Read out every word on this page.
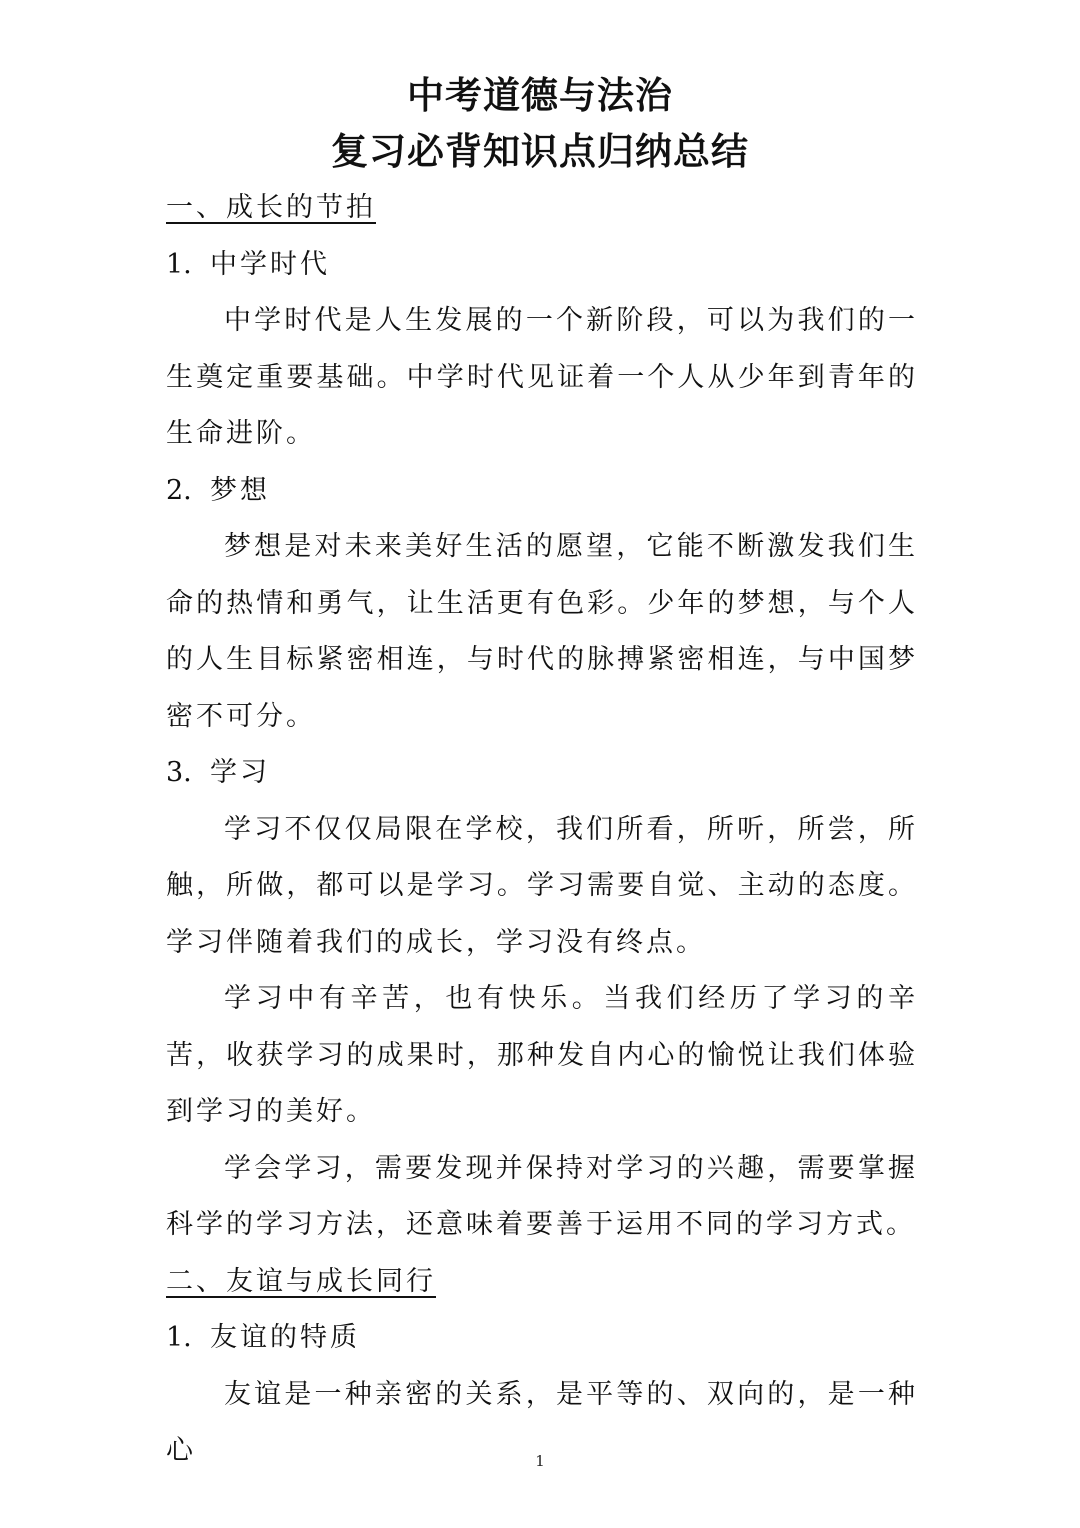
中考道德与法治
复习必背知识点归纳总结
一、成长的节拍
1. 中学时代

中学时代是人生发展的一个新阶段，可以为我们的一生奠定重要基础。中学时代见证着一个人从少年到青年的生命进阶。

2. 梦想

梦想是对未来美好生活的愿望，它能不断激发我们生命的热情和勇气，让生活更有色彩。少年的梦想，与个人的人生目标紧密相连，与时代的脉搏紧密相连，与中国梦密不可分。

3. 学习

学习不仅仅局限在学校，我们所看，所听，所尝，所触，所做，都可以是学习。学习需要自觉、主动的态度。学习伴随着我们的成长，学习没有终点。

学习中有辛苦，也有快乐。当我们经历了学习的辛苦，收获学习的成果时，那种发自内心的愉悦让我们体验到学习的美好。

学会学习，需要发现并保持对学习的兴趣，需要掌握科学的学习方法，还意味着要善于运用不同的学习方式。

二、友谊与成长同行
1. 友谊的特质

友谊是一种亲密的关系，是平等的、双向的，是一种心	1
